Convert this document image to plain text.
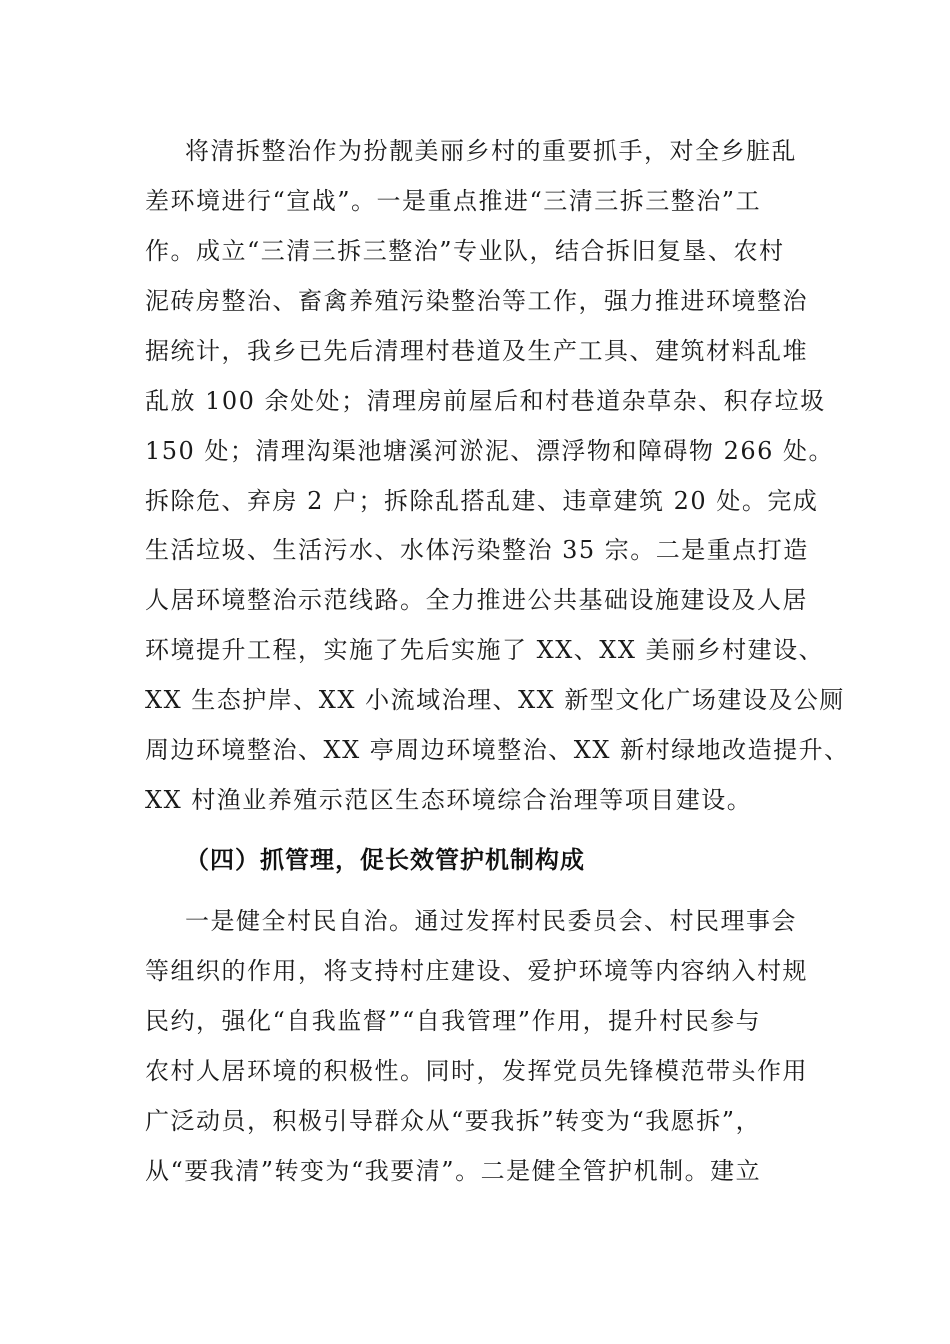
将清拆整治作为扮靓美丽乡村的重要抓手，对全乡脏乱
差环境进行“宣战”。一是重点推进“三清三拆三整治”工
作。成立“三清三拆三整治”专业队，结合拆旧复垦、农村
泥砖房整治、畜禽养殖污染整治等工作，强力推进环境整治
据统计，我乡已先后清理村巷道及生产工具、建筑材料乱堆
乱放 100 余处处；清理房前屋后和村巷道杂草杂、积存垃圾
150 处；清理沟渠池塘溪河淤泥、漂浮物和障碍物 266 处。
拆除危、弃房 2 户；拆除乱搭乱建、违章建筑 20 处。完成
生活垃圾、生活污水、水体污染整治 35 宗。二是重点打造
人居环境整治示范线路。全力推进公共基础设施建设及人居
环境提升工程，实施了先后实施了 XX、XX 美丽乡村建设、
XX 生态护岸、XX 小流域治理、XX 新型文化广场建设及公厕
周边环境整治、XX 亭周边环境整治、XX 新村绿地改造提升、
XX 村渔业养殖示范区生态环境综合治理等项目建设。
（四）抓管理，促长效管护机制构成
一是健全村民自治。通过发挥村民委员会、村民理事会
等组织的作用，将支持村庄建设、爱护环境等内容纳入村规
民约，强化“自我监督”“自我管理”作用，提升村民参与
农村人居环境的积极性。同时，发挥党员先锋模范带头作用
广泛动员，积极引导群众从“要我拆”转变为“我愿拆”，
从“要我清”转变为“我要清”。二是健全管护机制。建立
